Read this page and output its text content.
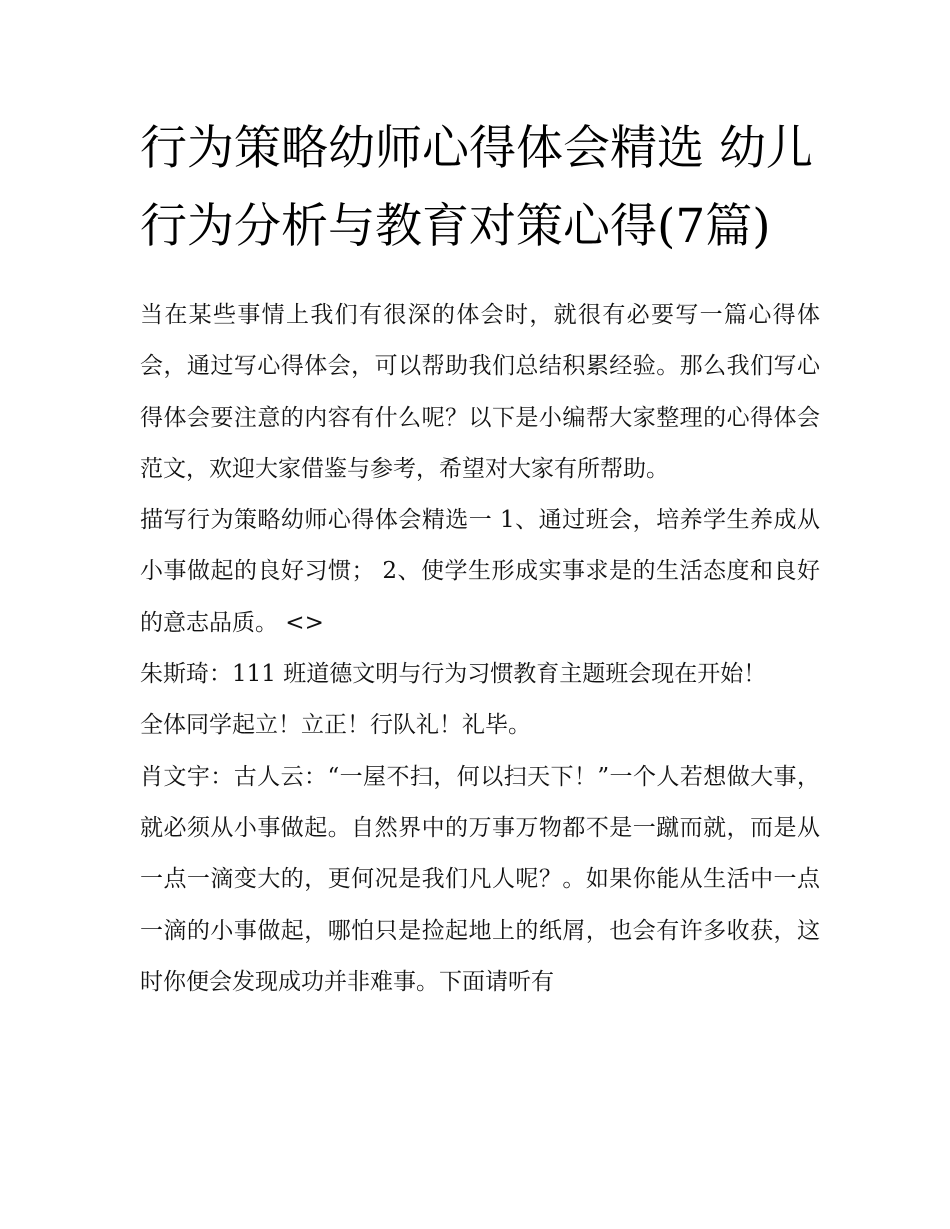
行为策略幼师心得体会精选 幼儿行为分析与教育对策心得(7篇)

当在某些事情上我们有很深的体会时，就很有必要写一篇心得体会，通过写心得体会，可以帮助我们总结积累经验。那么我们写心得体会要注意的内容有什么呢？以下是小编帮大家整理的心得体会范文，欢迎大家借鉴与参考，希望对大家有所帮助。

描写行为策略幼师心得体会精选一 1、通过班会，培养学生养成从小事做起的良好习惯； 2、使学生形成实事求是的生活态度和良好的意志品质。 <>

朱斯琦：111 班道德文明与行为习惯教育主题班会现在开始！

全体同学起立！立正！行队礼！礼毕。

肖文宇：古人云：“一屋不扫，何以扫天下！”一个人若想做大事，就必须从小事做起。自然界中的万事万物都不是一蹴而就，而是从一点一滴变大的，更何况是我们凡人呢？。如果你能从生活中一点一滴的小事做起，哪怕只是捡起地上的纸屑，也会有许多收获，这时你便会发现成功并非难事。下面请听有
